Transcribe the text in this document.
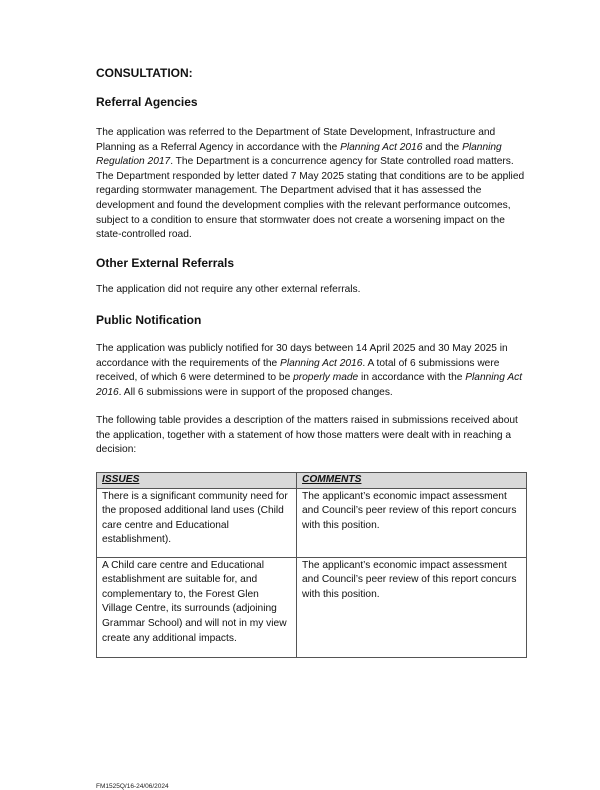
CONSULTATION:
Referral Agencies

The application was referred to the Department of State Development, Infrastructure and Planning as a Referral Agency in accordance with the Planning Act 2016 and the Planning Regulation 2017. The Department is a concurrence agency for State controlled road matters. The Department responded by letter dated 7 May 2025 stating that conditions are to be applied regarding stormwater management. The Department advised that it has assessed the development and found the development complies with the relevant performance outcomes, subject to a condition to ensure that stormwater does not create a worsening impact on the state-controlled road.

Other External Referrals

The application did not require any other external referrals.

Public Notification

The application was publicly notified for 30 days between 14 April 2025 and 30 May 2025 in accordance with the requirements of the Planning Act 2016. A total of 6 submissions were received, of which 6 were determined to be properly made in accordance with the Planning Act 2016. All 6 submissions were in support of the proposed changes.

The following table provides a description of the matters raised in submissions received about the application, together with a statement of how those matters were dealt with in reaching a decision:

ISSUES	COMMENTS
There is a significant community need for the proposed additional land uses (Child care centre and Educational establishment).	The applicant’s economic impact assessment and Council’s peer review of this report concurs with this position.
A Child care centre and Educational establishment are suitable for, and complementary to, the Forest Glen Village Centre, its surrounds (adjoining Grammar School) and will not in my view create any additional impacts.	The applicant’s economic impact assessment and Council’s peer review of this report concurs with this position.
FM1525Q/16-24/06/2024
